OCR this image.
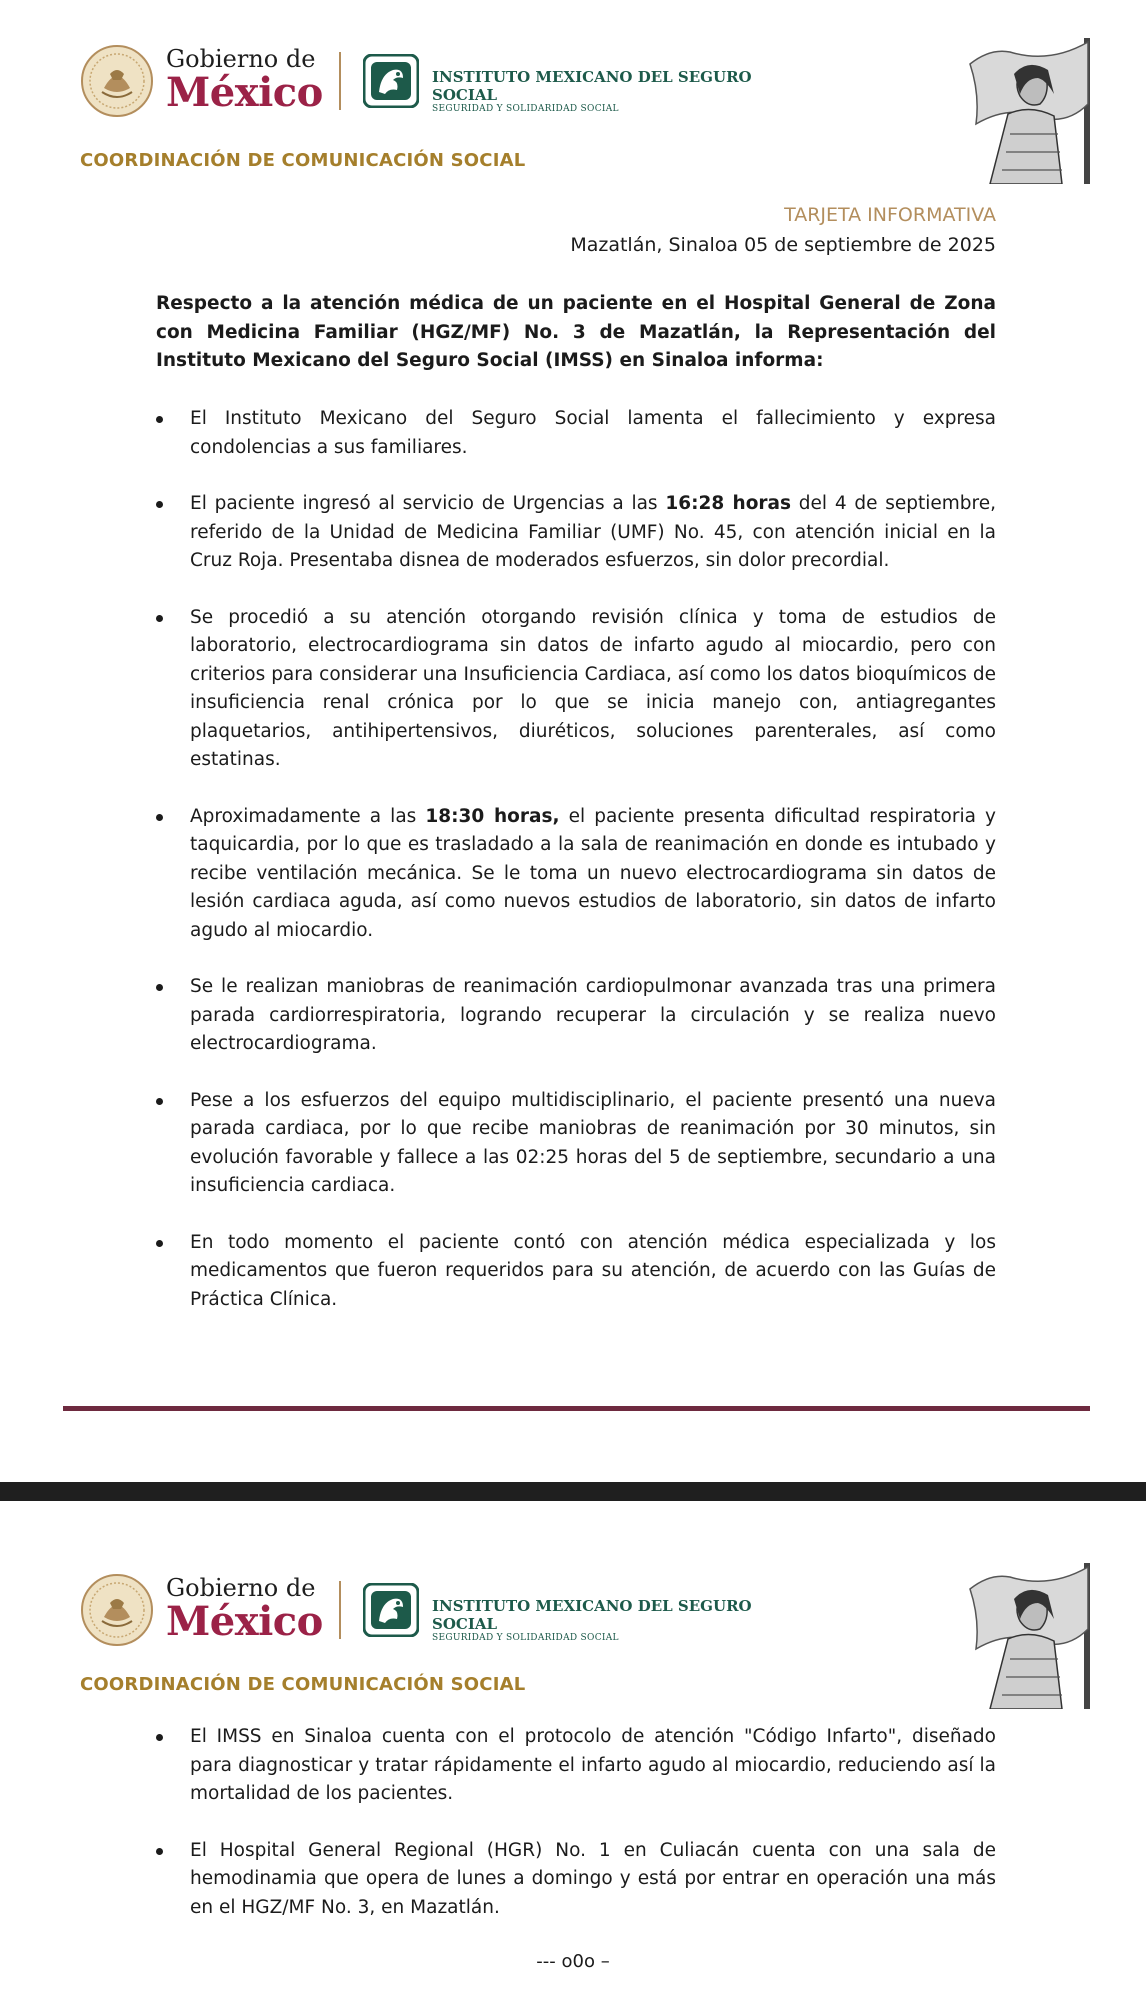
Gobierno de
México	INSTITUTO MEXICANO DEL SEGURO SOCIAL
SEGURIDAD Y SOLIDARIDAD SOCIAL
COORDINACIÓN DE COMUNICACIÓN SOCIAL
TARJETA INFORMATIVA
Mazatlán, Sinaloa 05 de septiembre de 2025
Respecto a la atención médica de un paciente en el Hospital General de Zona con Medicina Familiar (HGZ/MF) No. 3 de Mazatlán, la Representación del Instituto Mexicano del Seguro Social (IMSS) en Sinaloa informa:
El Instituto Mexicano del Seguro Social lamenta el fallecimiento y expresa condolencias a sus familiares.
El paciente ingresó al servicio de Urgencias a las 16:28 horas del 4 de septiembre, referido de la Unidad de Medicina Familiar (UMF) No. 45, con atención inicial en la Cruz Roja. Presentaba disnea de moderados esfuerzos, sin dolor precordial.
Se procedió a su atención otorgando revisión clínica y toma de estudios de laboratorio, electrocardiograma sin datos de infarto agudo al miocardio, pero con criterios para considerar una Insuficiencia Cardiaca, así como los datos bioquímicos de insuficiencia renal crónica por lo que se inicia manejo con, antiagregantes plaquetarios, antihipertensivos, diuréticos, soluciones parenterales, así como estatinas.
Aproximadamente a las 18:30 horas, el paciente presenta dificultad respiratoria y taquicardia, por lo que es trasladado a la sala de reanimación en donde es intubado y recibe ventilación mecánica. Se le toma un nuevo electrocardiograma sin datos de lesión cardiaca aguda, así como nuevos estudios de laboratorio, sin datos de infarto agudo al miocardio.
Se le realizan maniobras de reanimación cardiopulmonar avanzada tras una primera parada cardiorrespiratoria, logrando recuperar la circulación y se realiza nuevo electrocardiograma.
Pese a los esfuerzos del equipo multidisciplinario, el paciente presentó una nueva parada cardiaca, por lo que recibe maniobras de reanimación por 30 minutos, sin evolución favorable y fallece a las 02:25 horas del 5 de septiembre, secundario a una insuficiencia cardiaca.
En todo momento el paciente contó con atención médica especializada y los medicamentos que fueron requeridos para su atención, de acuerdo con las Guías de Práctica Clínica.
Gobierno de
México	INSTITUTO MEXICANO DEL SEGURO SOCIAL
SEGURIDAD Y SOLIDARIDAD SOCIAL
COORDINACIÓN DE COMUNICACIÓN SOCIAL
El IMSS en Sinaloa cuenta con el protocolo de atención "Código Infarto", diseñado para diagnosticar y tratar rápidamente el infarto agudo al miocardio, reduciendo así la mortalidad de los pacientes.
El Hospital General Regional (HGR) No. 1 en Culiacán cuenta con una sala de hemodinamia que opera de lunes a domingo y está por entrar en operación una más en el HGZ/MF No. 3, en Mazatlán.
--- o0o –
